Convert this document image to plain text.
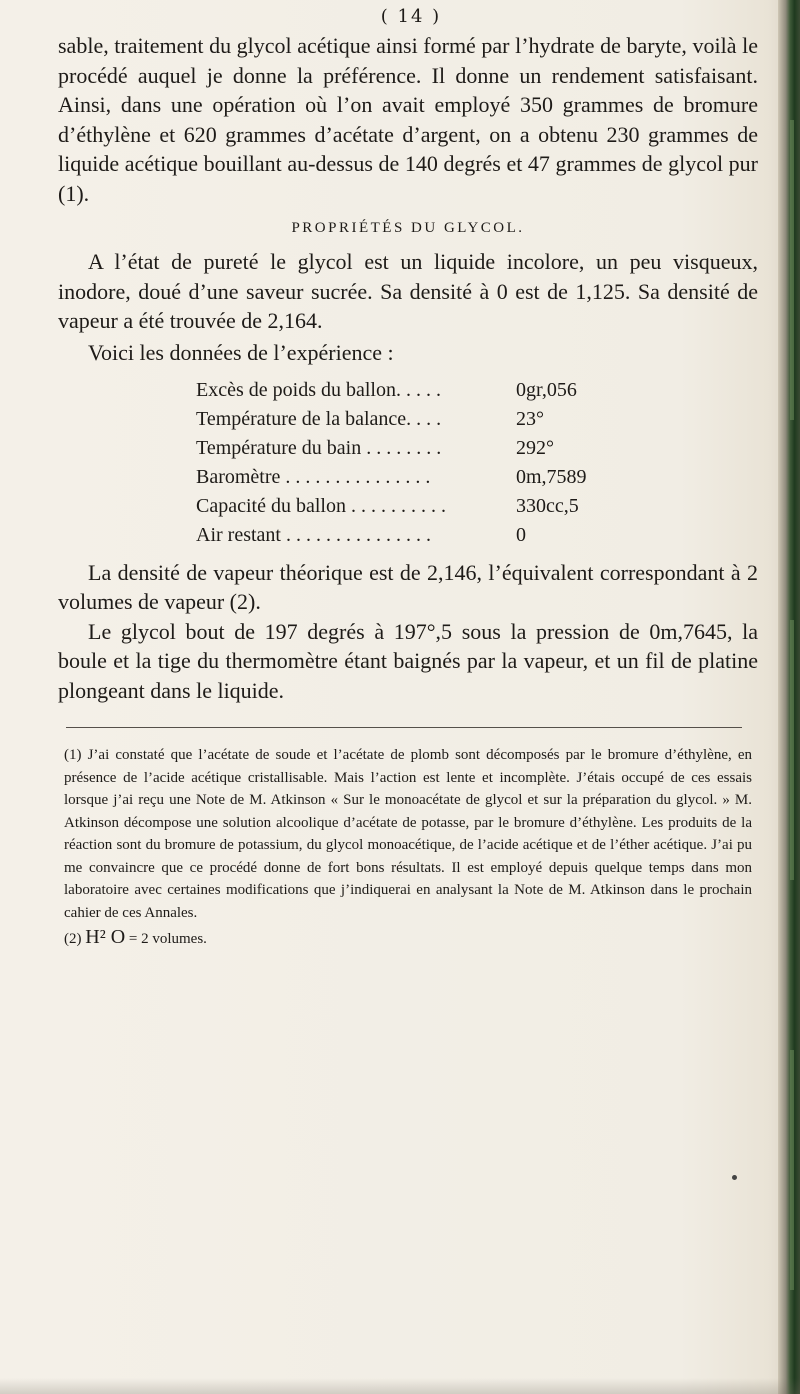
( 14 )

sable, traitement du glycol acétique ainsi formé par l’hydrate de baryte, voilà le procédé auquel je donne la préférence. Il donne un rendement satisfaisant. Ainsi, dans une opération où l’on avait employé 350 grammes de bromure d’éthylène et 620 grammes d’acétate d’argent, on a obtenu 230 grammes de liquide acétique bouillant au-dessus de 140 degrés et 47 grammes de glycol pur (1).

PROPRIÉTÉS DU GLYCOL.

A l’état de pureté le glycol est un liquide incolore, un peu visqueux, inodore, doué d’une saveur sucrée. Sa densité à 0 est de 1,125. Sa densité de vapeur a été trouvée de 2,164.

Voici les données de l’expérience :
Excès de poids du ballon. . . . .	0gr,056
Température de la balance. . . .	23°
Température du bain . . . . . . . .	292°
Baromètre . . . . . . . . . . . . . . .	0m,7589
Capacité du ballon . . . . . . . . . .	330cc,5
Air restant . . . . . . . . . . . . . . .	0

La densité de vapeur théorique est de 2,146, l’équivalent correspondant à 2 volumes de vapeur (2).

Le glycol bout de 197 degrés à 197°,5 sous la pression de 0m,7645, la boule et la tige du thermomètre étant baignés par la vapeur, et un fil de platine plongeant dans le liquide.

(1) J’ai constaté que l’acétate de soude et l’acétate de plomb sont décomposés par le bromure d’éthylène, en présence de l’acide acétique cristallisable. Mais l’action est lente et incomplète. J’étais occupé de ces essais lorsque j’ai reçu une Note de M. Atkinson « Sur le monoacétate de glycol et sur la préparation du glycol. » M. Atkinson décompose une solution alcoolique d’acétate de potasse, par le bromure d’éthylène. Les produits de la réaction sont du bromure de potassium, du glycol monoacétique, de l’acide acétique et de l’éther acétique. J’ai pu me convaincre que ce procédé donne de fort bons résultats. Il est employé depuis quelque temps dans mon laboratoire avec certaines modifications que j’indiquerai en analysant la Note de M. Atkinson dans le prochain cahier de ces Annales.

(2) H² O = 2 volumes.
